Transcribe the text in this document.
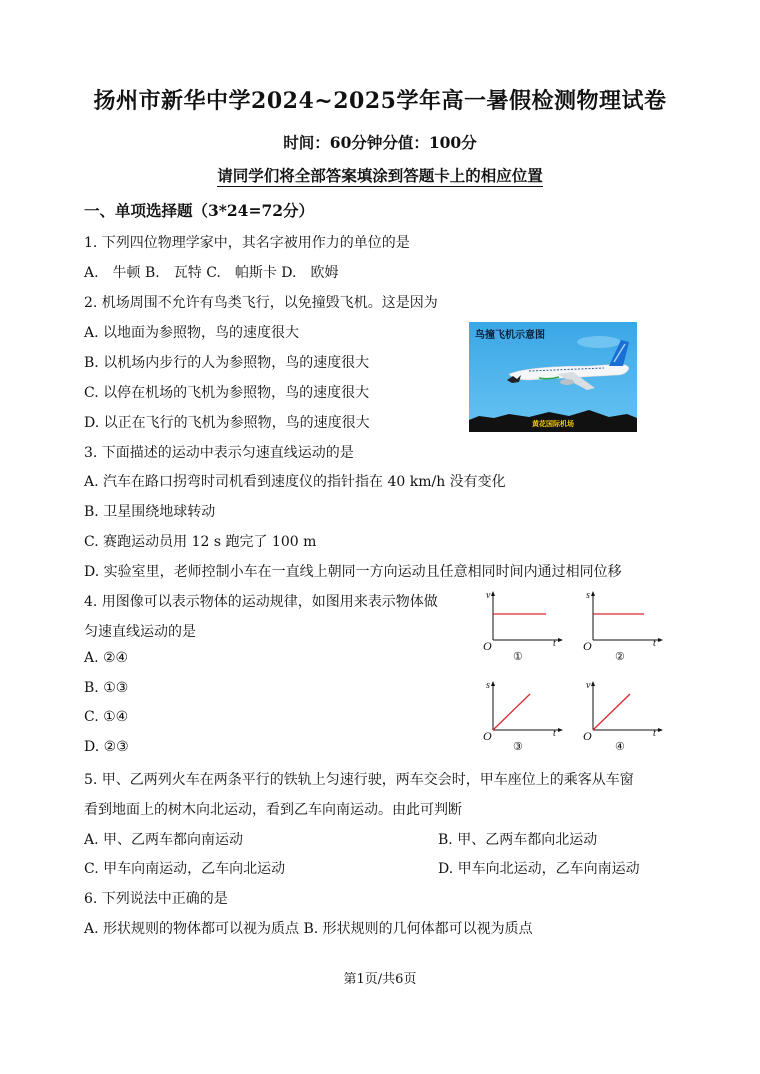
扬州市新华中学2024~2025学年高一暑假检测物理试卷
时间：60分钟分值：100分
请同学们将全部答案填涂到答题卡上的相应位置
一、单项选择题（3*24=72分）
1. 下列四位物理学家中，其名字被用作力的单位的是
A.　牛顿 B.　瓦特 C.　帕斯卡 D.　欧姆
2. 机场周围不允许有鸟类飞行，以免撞毁飞机。这是因为
A. 以地面为参照物，鸟的速度很大
B. 以机场内步行的人为参照物，鸟的速度很大
C. 以停在机场的飞机为参照物，鸟的速度很大
D. 以正在飞行的飞机为参照物，鸟的速度很大
鸟撞飞机示意图
黄花国际机场
3. 下面描述的运动中表示匀速直线运动的是
A. 汽车在路口拐弯时司机看到速度仪的指针指在 40 km/h 没有变化
B. 卫星围绕地球转动
C. 赛跑运动员用 12 s 跑完了 100 m
D. 实验室里，老师控制小车在一直线上朝同一方向运动且任意相同时间内通过相同位移
4. 用图像可以表示物体的运动规律，如图用来表示物体做
匀速直线运动的是
A. ②④
B. ①③
C. ①④
D. ②③
v
t
O
①
s
t
O
②
s
t
O
③
v
t
O
④
5. 甲、乙两列火车在两条平行的铁轨上匀速行驶，两车交会时，甲车座位上的乘客从车窗
看到地面上的树木向北运动，看到乙车向南运动。由此可判断
A. 甲、乙两车都向南运动	B. 甲、乙两车都向北运动
C. 甲车向南运动，乙车向北运动	D. 甲车向北运动，乙车向南运动
6. 下列说法中正确的是
A. 形状规则的物体都可以视为质点 B. 形状规则的几何体都可以视为质点
第1页/共6页
